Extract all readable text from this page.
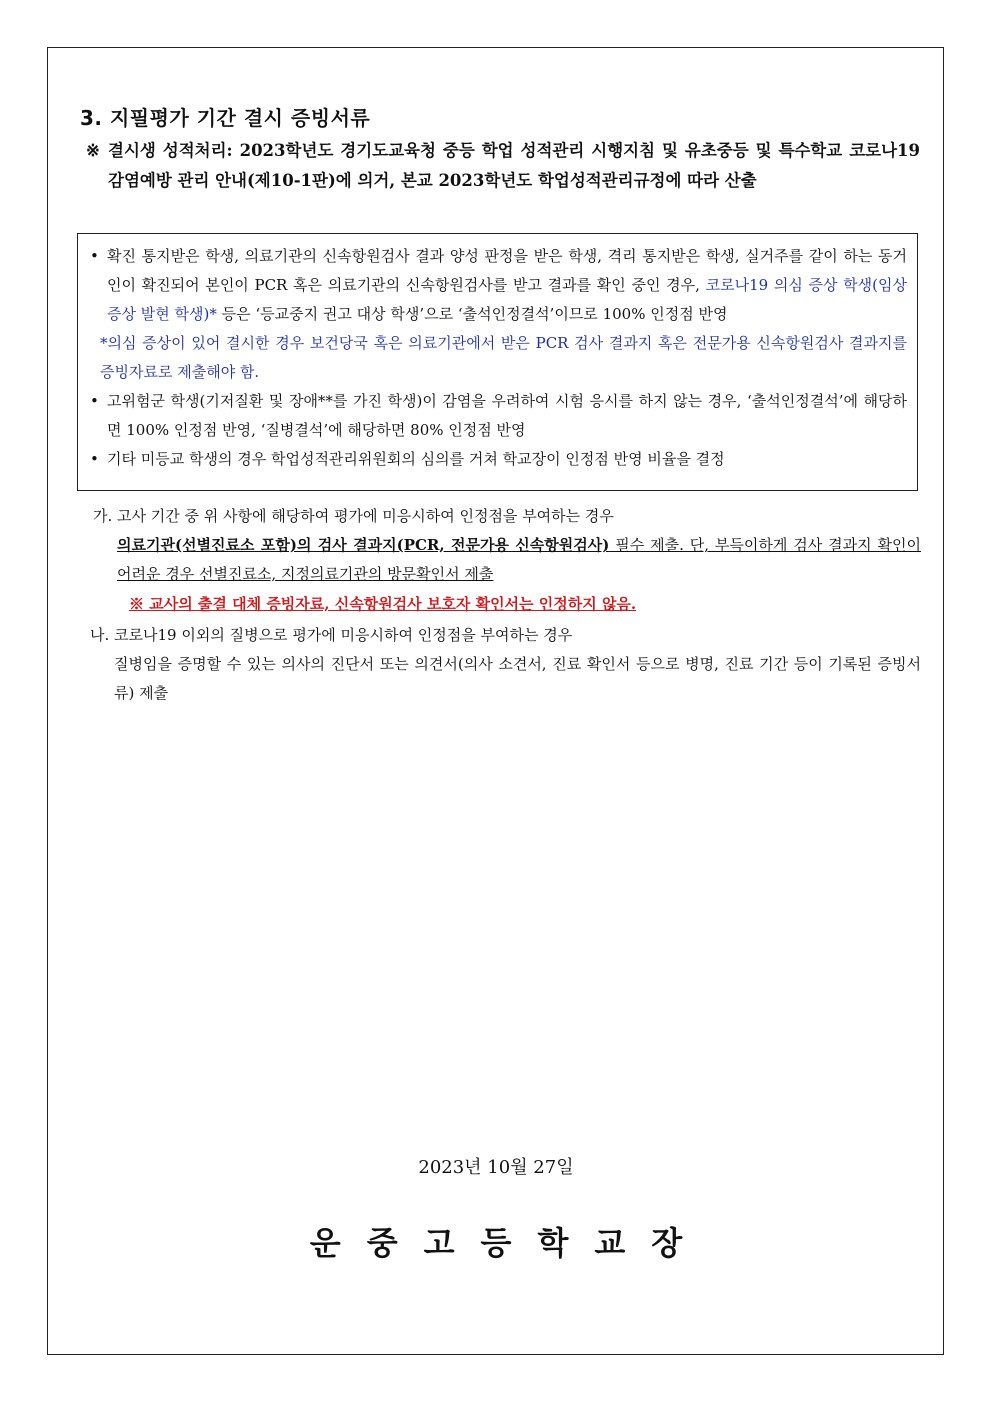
3. 지필평가 기간 결시 증빙서류
※ 결시생 성적처리: 2023학년도 경기도교육청 중등 학업 성적관리 시행지침 및 유초중등 및 특수학교 코로나19 감염예방 관리 안내(제10-1판)에 의거, 본교 2023학년도 학업성적관리규정에 따라 산출
• 확진 통지받은 학생, 의료기관의 신속항원검사 결과 양성 판정을 받은 학생, 격리 통지받은 학생, 실거주를 같이 하는 동거인이 확진되어 본인이 PCR 혹은 의료기관의 신속항원검사를 받고 결과를 확인 중인 경우, 코로나19 의심 증상 학생(임상 증상 발현 학생)* 등은 ‘등교중지 권고 대상 학생’으로 ‘출석인정결석’이므로 100% 인정점 반영
*의심 증상이 있어 결시한 경우 보건당국 혹은 의료기관에서 받은 PCR 검사 결과지 혹은 전문가용 신속항원검사 결과지를 증빙자료로 제출해야 함.
• 고위험군 학생(기저질환 및 장애**를 가진 학생)이 감염을 우려하여 시험 응시를 하지 않는 경우, ‘출석인정결석’에 해당하면 100% 인정점 반영, ‘질병결석’에 해당하면 80% 인정점 반영
• 기타 미등교 학생의 경우 학업성적관리위원회의 심의를 거쳐 학교장이 인정점 반영 비율을 결정
가. 고사 기간 중 위 사항에 해당하여 평가에 미응시하여 인정점을 부여하는 경우
의료기관(선별진료소 포함)의 검사 결과지(PCR, 전문가용 신속항원검사) 필수 제출. 단, 부득이하게 검사 결과지 확인이 어려운 경우 선별진료소, 지정의료기관의 방문확인서 제출
※ 교사의 출결 대체 증빙자료, 신속항원검사 보호자 확인서는 인정하지 않음.
나. 코로나19 이외의 질병으로 평가에 미응시하여 인정점을 부여하는 경우
질병임을 증명할 수 있는 의사의 진단서 또는 의견서(의사 소견서, 진료 확인서 등으로 병명, 진료 기간 등이 기록된 증빙서류) 제출
2023년 10월 27일
운중고등학교장
